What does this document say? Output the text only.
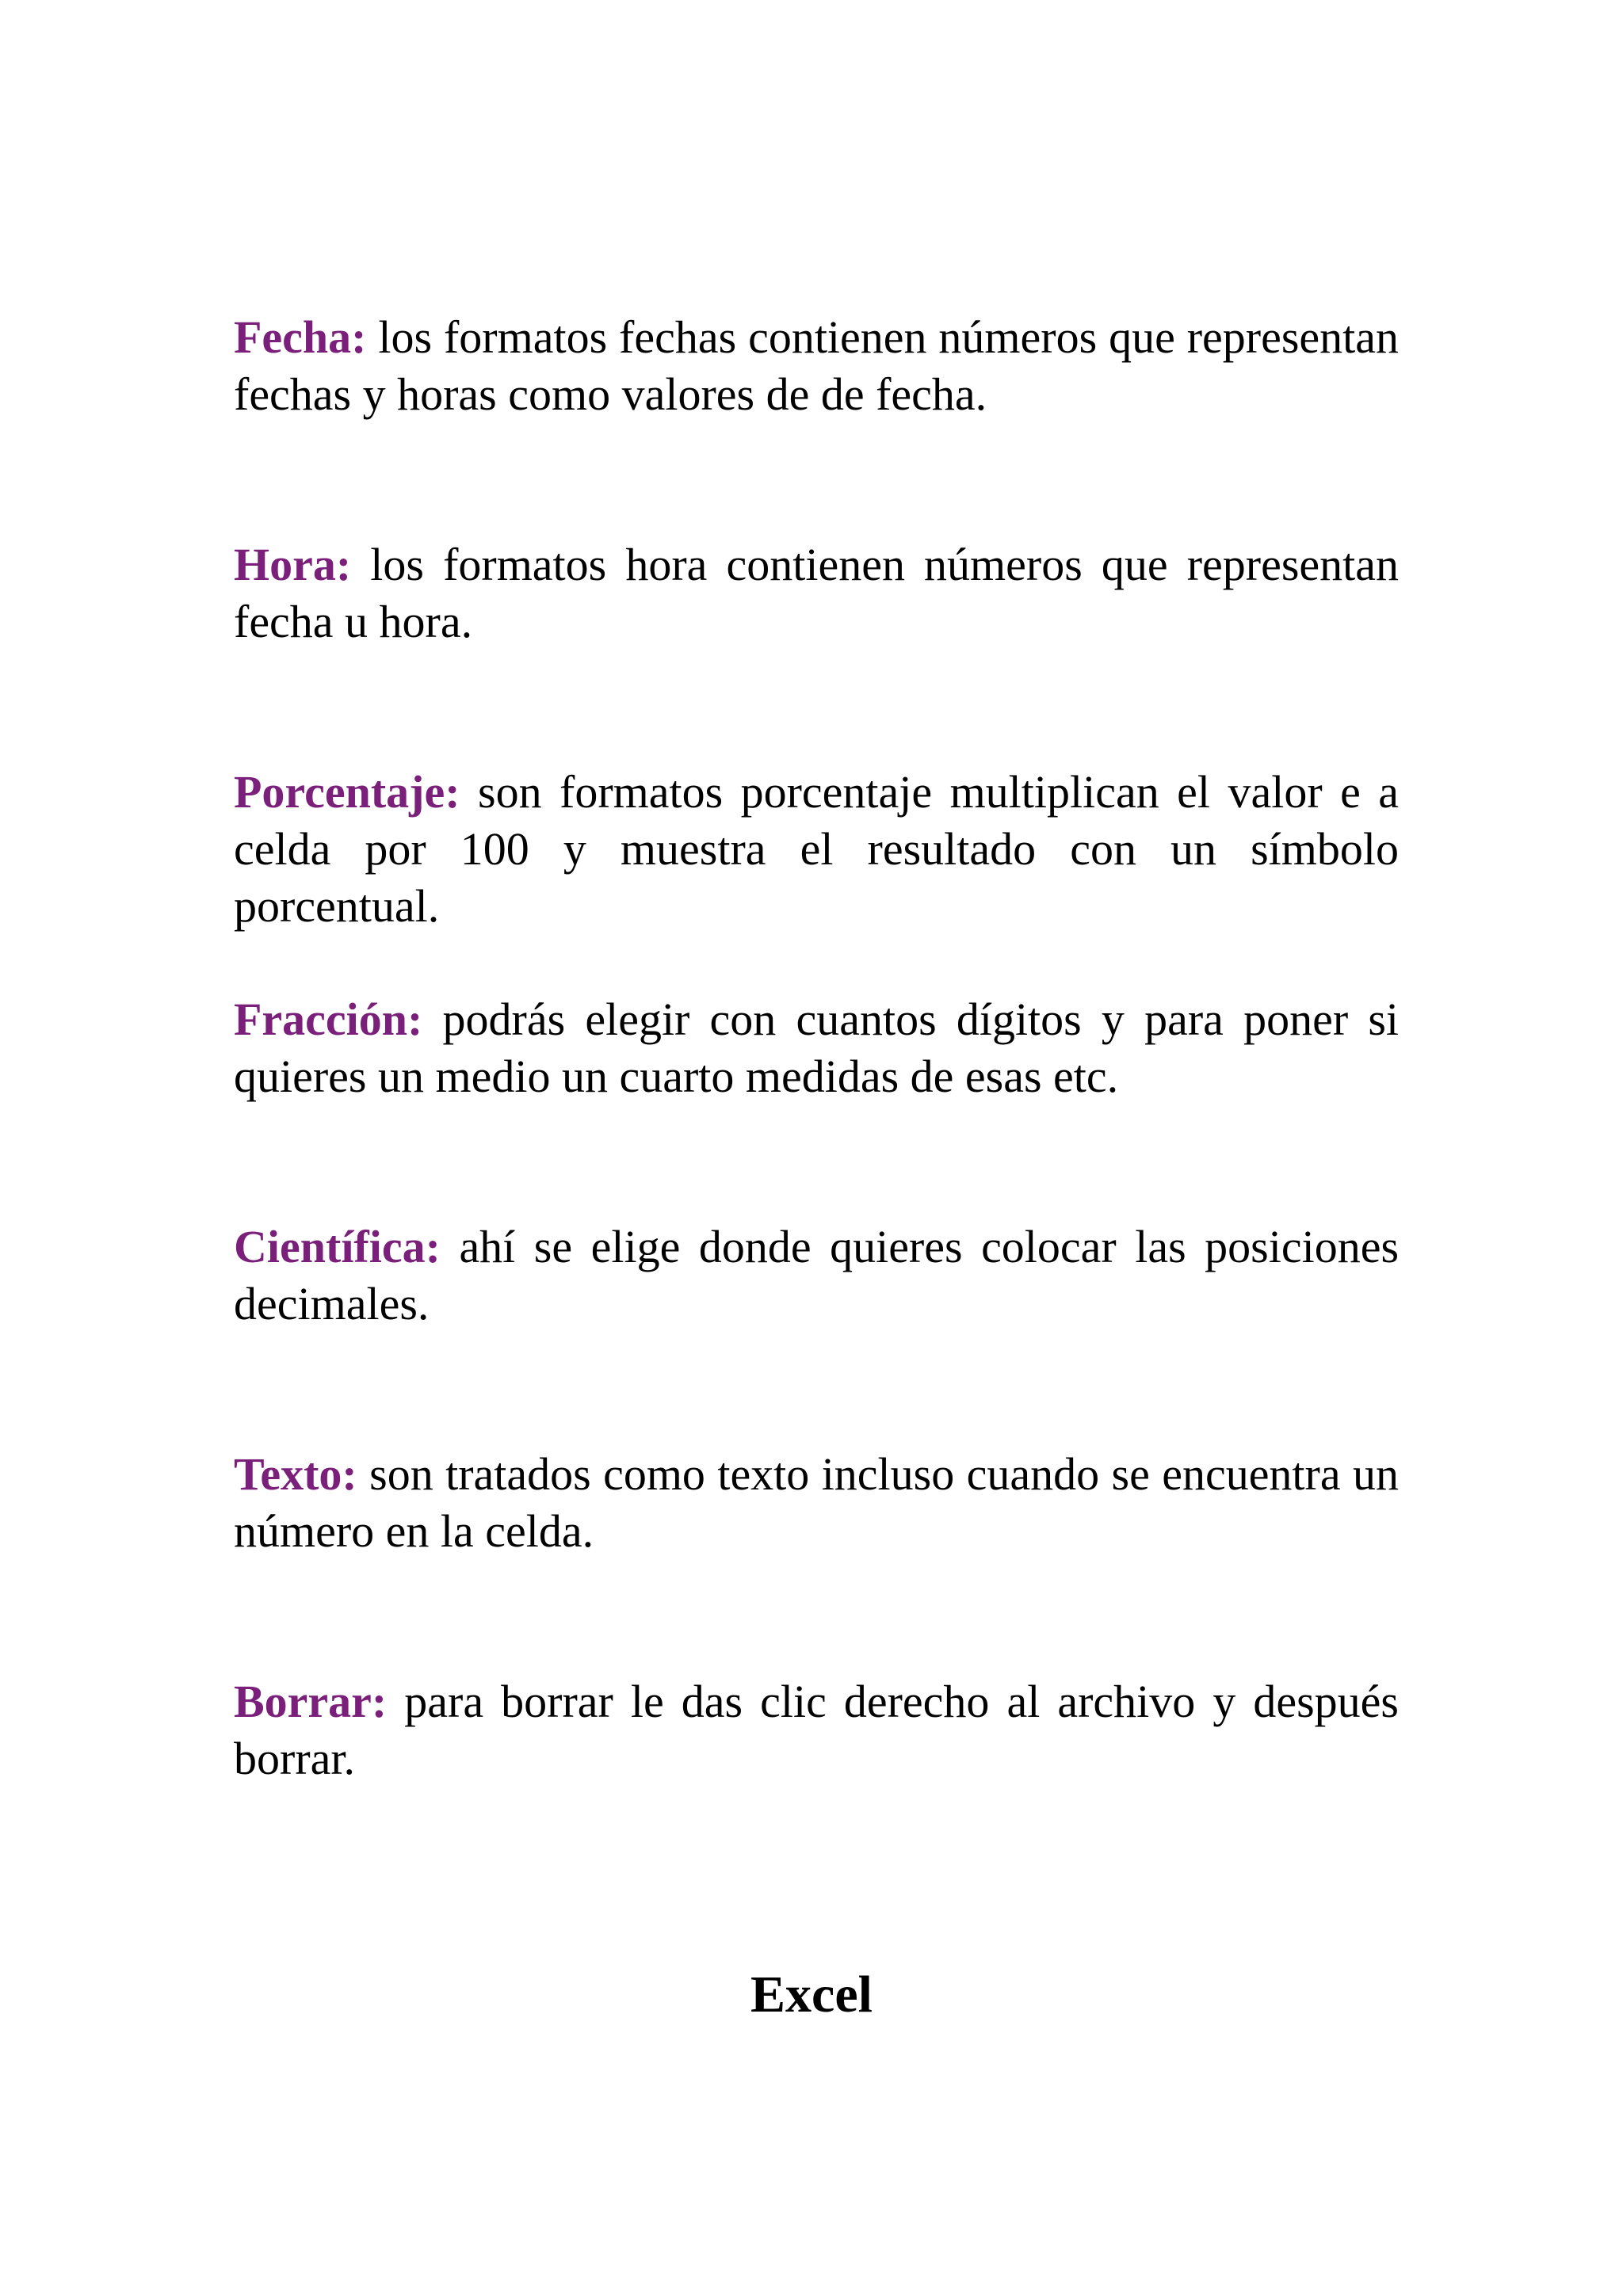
Fecha: los formatos fechas contienen números que representan fechas y horas como valores de de fecha.

Hora: los formatos hora contienen números que representan fecha u hora.

Porcentaje: son formatos porcentaje multiplican el valor e a celda por 100 y muestra el resultado con un símbolo porcentual.

Fracción: podrás elegir con cuantos dígitos y para poner si quieres un medio un cuarto medidas de esas etc.

Científica: ahí se elige donde quieres colocar las posiciones decimales.

Texto: son tratados como texto incluso cuando se encuentra un número en la celda.

Borrar: para borrar le das clic derecho al archivo y después borrar.

Excel
